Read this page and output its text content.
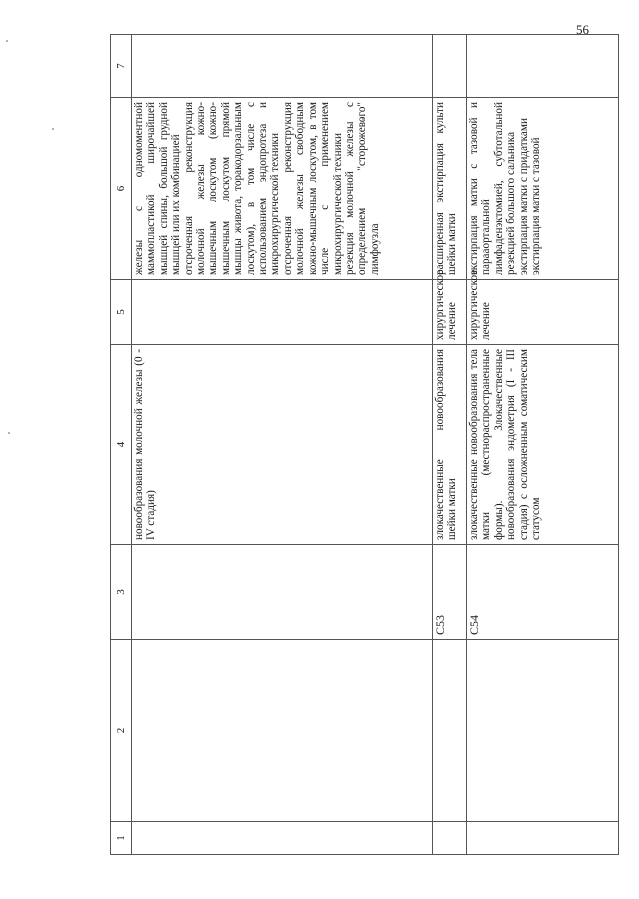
56
1	2	3	4	5	6	7
			новообразования молочной железы (0 - IV стадия)		железы с одномоментной маммопластикой широчайшей мышцей спины, большой грудной мышцей или их комбинацией отсроченная реконструкция молочной железы кожно-мышечным лоскутом (кожно-мышечным лоскутом прямой мышцы живота, торакодорзальным лоскутом), в том числе с использованием эндопротеза и микрохирургической техники отсроченная реконструкция молочной железы свободным кожно-мышечным лоскутом, в том числе с применением микрохирургической техники резекция молочной железы с определением "сторожевого" лимфоузла	

		C53	злокачественные новообразования шейки матки	хирургическое лечение	расширенная экстирпация культи шейки матки	

		C54	злокачественные новообразования тела матки (местнораспространенные формы). Злокачественные новообразования эндометрия (I - III стадия) с осложненным соматическим статусом	хирургическое лечение	экстирпация матки с тазовой и парааортальной лимфаденэктомией, субтотальной резекцией большого сальника экстирпация матки с придатками экстирпация матки с тазовой	
